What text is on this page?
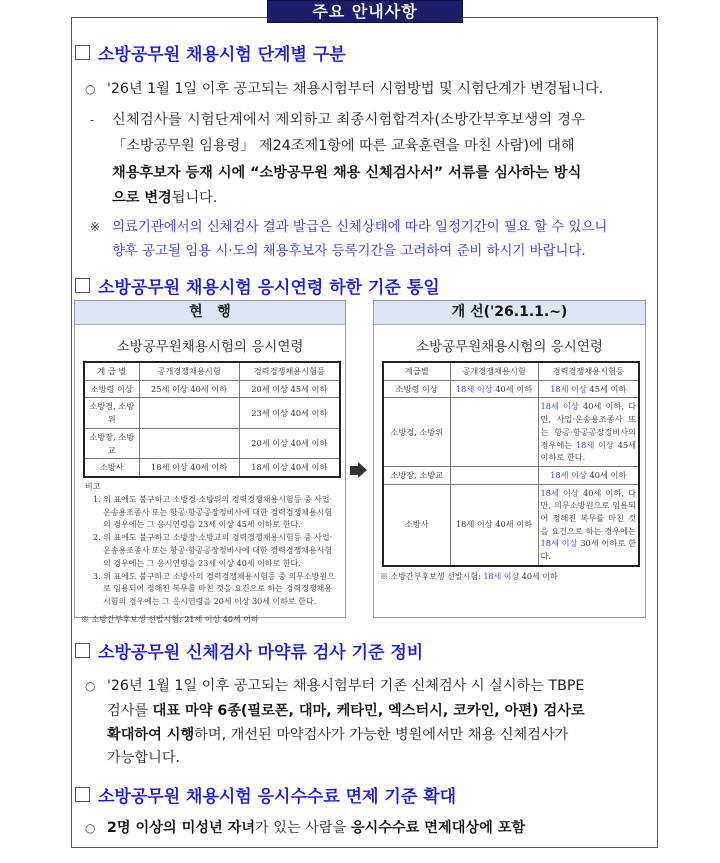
주요 안내사항
소방공무원 채용시험 단계별 구분
○ '26년 1월 1일 이후 공고되는 채용시험부터 시험방법 및 시험단계가 변경됩니다.
- 신체검사를 시험단계에서 제외하고 최종시험합격자(소방간부후보생의 경우
「소방공무원 임용령」 제24조제1항에 따른 교육훈련을 마친 사람)에 대해
채용후보자 등재 시에 “소방공무원 채용 신체검사서” 서류를 심사하는 방식
으로 변경됩니다.
※ 의료기관에서의 신체검사 결과 발급은 신체상태에 따라 일정기간이 필요 할 수 있으니
향후 공고될 임용 시·도의 채용후보자 등록기간을 고려하여 준비 하시기 바랍니다.
소방공무원 채용시험 응시연령 하한 기준 통일
현   행
소방공무원채용시험의 응시연령
계 급 별	공개경쟁채용시험	경력경쟁채용시험등
소방령 이상	25세 이상 40세 이하	20세 이상 45세 이하
소방경, 소방위		23세 이상 40세 이하
소방장, 소방교		20세 이상 40세 이하
소방사	18세 이상 40세 이하	18세 이상 40세 이하
비고
1. 위 표에도 불구하고 소방경·소방위의 경력경쟁채용시험등 중 사업·운송용조종사 또는 항공·항공공장정비사에 대한 경력경쟁채용시험의 경우에는 그 응시연령을 23세 이상 45세 이하로 한다.
2. 위 표에도 불구하고 소방장·소방교의 경력경쟁채용시험등 중 사업·운송용조종사 또는 항공·항공공장정비사에 대한 경력경쟁채용시험의 경우에는 그 응시연령을 23세 이상 40세 이하로 한다.
3. 위 표에도 불구하고 소방사의 경력경쟁채용시험등 중 의무소방원으로 임용되어 정해진 복무를 마친 것을 요건으로 하는 경력경쟁채용시험의 경우에는 그 응시연령을 20세 이상 30세 이하로 한다.
※ 소방간부후보생 선발시험: 21세 이상 40세 이하
개 선('26.1.1.~)
소방공무원채용시험의 응시연령
계급별	공개경쟁채용시험	경력경쟁채용시험등
소방령 이상	18세 이상 40세 이하	18세 이상 45세 이하
소방경, 소방위		18세 이상 40세 이하, 다만, 사업·운송용조종사 또는 항공·항공공장정비사의 경우에는 18세 이상 45세 이하로 한다.
소방장, 소방교		18세 이상 40세 이하
소방사	18세 이상 40세 이하	18세 이상 40세 이하, 다만, 의무소방원으로 임용되어 정해진 복무를 마친 것을 요건으로 하는 경우에는 18세 이상 30세 이하로 한다.
※ 소방간부후보생 선발시험: 18세 이상 40세 이하
소방공무원 신체검사 마약류 검사 기준 정비
○ '26년 1월 1일 이후 공고되는 채용시험부터 기존 신체검사 시 실시하는 TBPE
검사를 대표 마약 6종(필로폰, 대마, 케타민, 엑스터시, 코카인, 아편) 검사로
확대하여 시행하며, 개선된 마약검사가 가능한 병원에서만 채용 신체검사가
가능합니다.
소방공무원 채용시험 응시수수료 면제 기준 확대
○ 2명 이상의 미성년 자녀가 있는 사람을 응시수수료 면제대상에 포함
